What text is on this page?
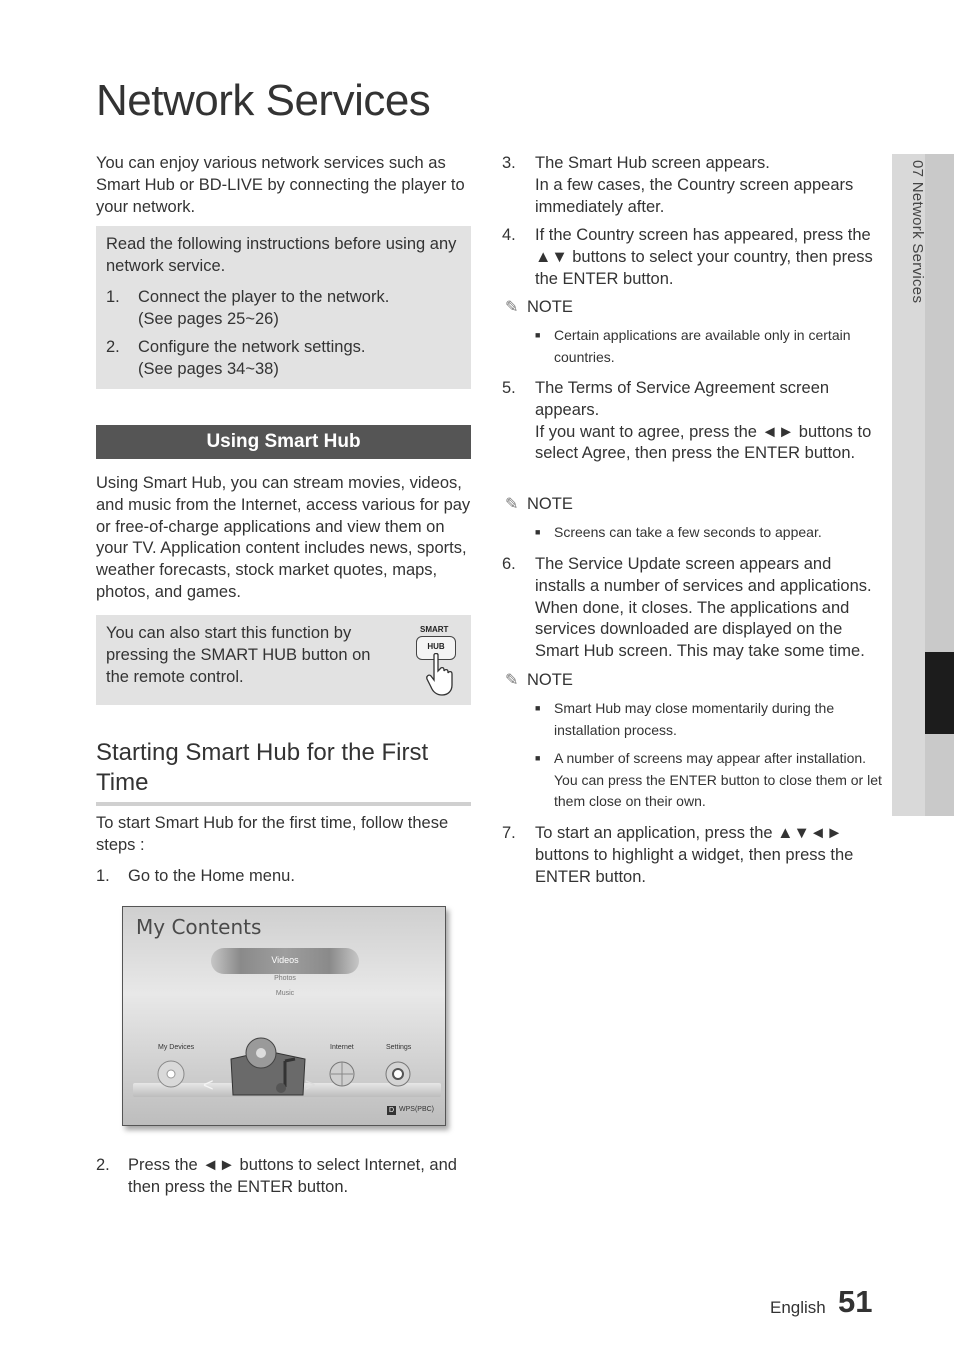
Network Services
You can enjoy various network services such as Smart Hub or BD-LIVE by connecting the player to your network.
Read the following instructions before using any network service.
1. Connect the player to the network.
(See pages 25~26)
2. Configure the network settings.
(See pages 34~38)
Using Smart Hub
Using Smart Hub, you can stream movies, videos, and music from the Internet, access various for pay or free-of-charge applications and view them on your TV. Application content includes news, sports, weather forecasts, stock market quotes, maps, photos, and games.
You can also start this function by pressing the SMART HUB button on the remote control.
SMART
HUB
Starting Smart Hub for the First Time
To start Smart Hub for the first time, follow these steps :
1. Go to the Home menu.
My Contents
Videos
Photos
Music
My Devices	Internet	Settings
<	>
D WPS(PBC)
2. Press the ◄► buttons to select Internet, and then press the ENTER button.
3. The Smart Hub screen appears.
In a few cases, the Country screen appears immediately after.
4. If the Country screen has appeared, press the ▲▼ buttons to select your country, then press the ENTER button.
✎ NOTE
■ Certain applications are available only in certain countries.
5. The Terms of Service Agreement screen appears.
If you want to agree, press the ◄► buttons to select Agree, then press the ENTER button.
✎ NOTE
■ Screens can take a few seconds to appear.
6. The Service Update screen appears and installs a number of services and applications. When done, it closes. The applications and services downloaded are displayed on the Smart Hub screen. This may take some time.
✎ NOTE
■ Smart Hub may close momentarily during the installation process.
■ A number of screens may appear after installation. You can press the ENTER button to close them or let them close on their own.
7. To start an application, press the ▲▼◄► buttons to highlight a widget, then press the ENTER button.
07 Network Services
English 51
